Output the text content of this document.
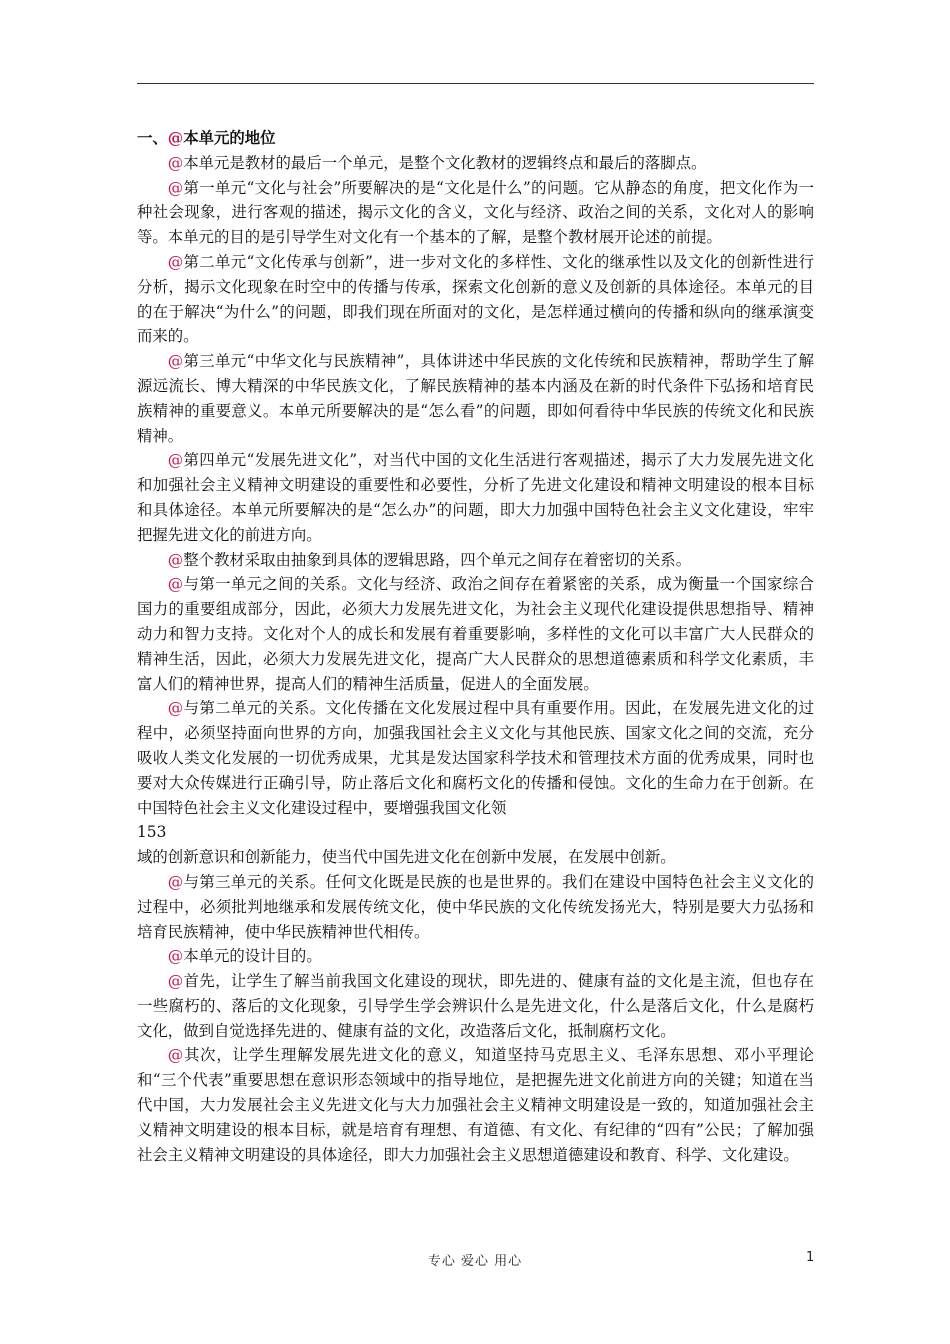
一、@本单元的地位

@本单元是教材的最后一个单元，是整个文化教材的逻辑终点和最后的落脚点。

@第一单元“文化与社会”所要解决的是“文化是什么”的问题。它从静态的角度，把文化作为一种社会现象，进行客观的描述，揭示文化的含义，文化与经济、政治之间的关系，文化对人的影响等。本单元的目的是引导学生对文化有一个基本的了解，是整个教材展开论述的前提。

@第二单元“文化传承与创新”，进一步对文化的多样性、文化的继承性以及文化的创新性进行分析，揭示文化现象在时空中的传播与传承，探索文化创新的意义及创新的具体途径。本单元的目的在于解决“为什么”的问题，即我们现在所面对的文化，是怎样通过横向的传播和纵向的继承演变而来的。

@第三单元“中华文化与民族精神”，具体讲述中华民族的文化传统和民族精神，帮助学生了解源远流长、博大精深的中华民族文化，了解民族精神的基本内涵及在新的时代条件下弘扬和培育民族精神的重要意义。本单元所要解决的是“怎么看”的问题，即如何看待中华民族的传统文化和民族精神。

@第四单元“发展先进文化”，对当代中国的文化生活进行客观描述，揭示了大力发展先进文化和加强社会主义精神文明建设的重要性和必要性，分析了先进文化建设和精神文明建设的根本目标和具体途径。本单元所要解决的是“怎么办”的问题，即大力加强中国特色社会主义文化建设，牢牢把握先进文化的前进方向。

@整个教材采取由抽象到具体的逻辑思路，四个单元之间存在着密切的关系。

@与第一单元之间的关系。文化与经济、政治之间存在着紧密的关系，成为衡量一个国家综合国力的重要组成部分，因此，必须大力发展先进文化，为社会主义现代化建设提供思想指导、精神动力和智力支持。文化对个人的成长和发展有着重要影响，多样性的文化可以丰富广大人民群众的精神生活，因此，必须大力发展先进文化，提高广大人民群众的思想道德素质和科学文化素质，丰富人们的精神世界，提高人们的精神生活质量，促进人的全面发展。

@与第二单元的关系。文化传播在文化发展过程中具有重要作用。因此，在发展先进文化的过程中，必须坚持面向世界的方向，加强我国社会主义文化与其他民族、国家文化之间的交流，充分吸收人类文化发展的一切优秀成果，尤其是发达国家科学技术和管理技术方面的优秀成果，同时也要对大众传媒进行正确引导，防止落后文化和腐朽文化的传播和侵蚀。文化的生命力在于创新。在中国特色社会主义文化建设过程中，要增强我国文化领

153

域的创新意识和创新能力，使当代中国先进文化在创新中发展，在发展中创新。

@与第三单元的关系。任何文化既是民族的也是世界的。我们在建设中国特色社会主义文化的过程中，必须批判地继承和发展传统文化，使中华民族的文化传统发扬光大，特别是要大力弘扬和培育民族精神，使中华民族精神世代相传。

@本单元的设计目的。

@首先，让学生了解当前我国文化建设的现状，即先进的、健康有益的文化是主流，但也存在一些腐朽的、落后的文化现象，引导学生学会辨识什么是先进文化，什么是落后文化，什么是腐朽文化，做到自觉选择先进的、健康有益的文化，改造落后文化，抵制腐朽文化。

@其次，让学生理解发展先进文化的意义，知道坚持马克思主义、毛泽东思想、邓小平理论和“三个代表”重要思想在意识形态领域中的指导地位，是把握先进文化前进方向的关键；知道在当代中国，大力发展社会主义先进文化与大力加强社会主义精神文明建设是一致的，知道加强社会主义精神文明建设的根本目标，就是培育有理想、有道德、有文化、有纪律的“四有”公民；了解加强社会主义精神文明建设的具体途径，即大力加强社会主义思想道德建设和教育、科学、文化建设。

专心 爱心 用心	1
